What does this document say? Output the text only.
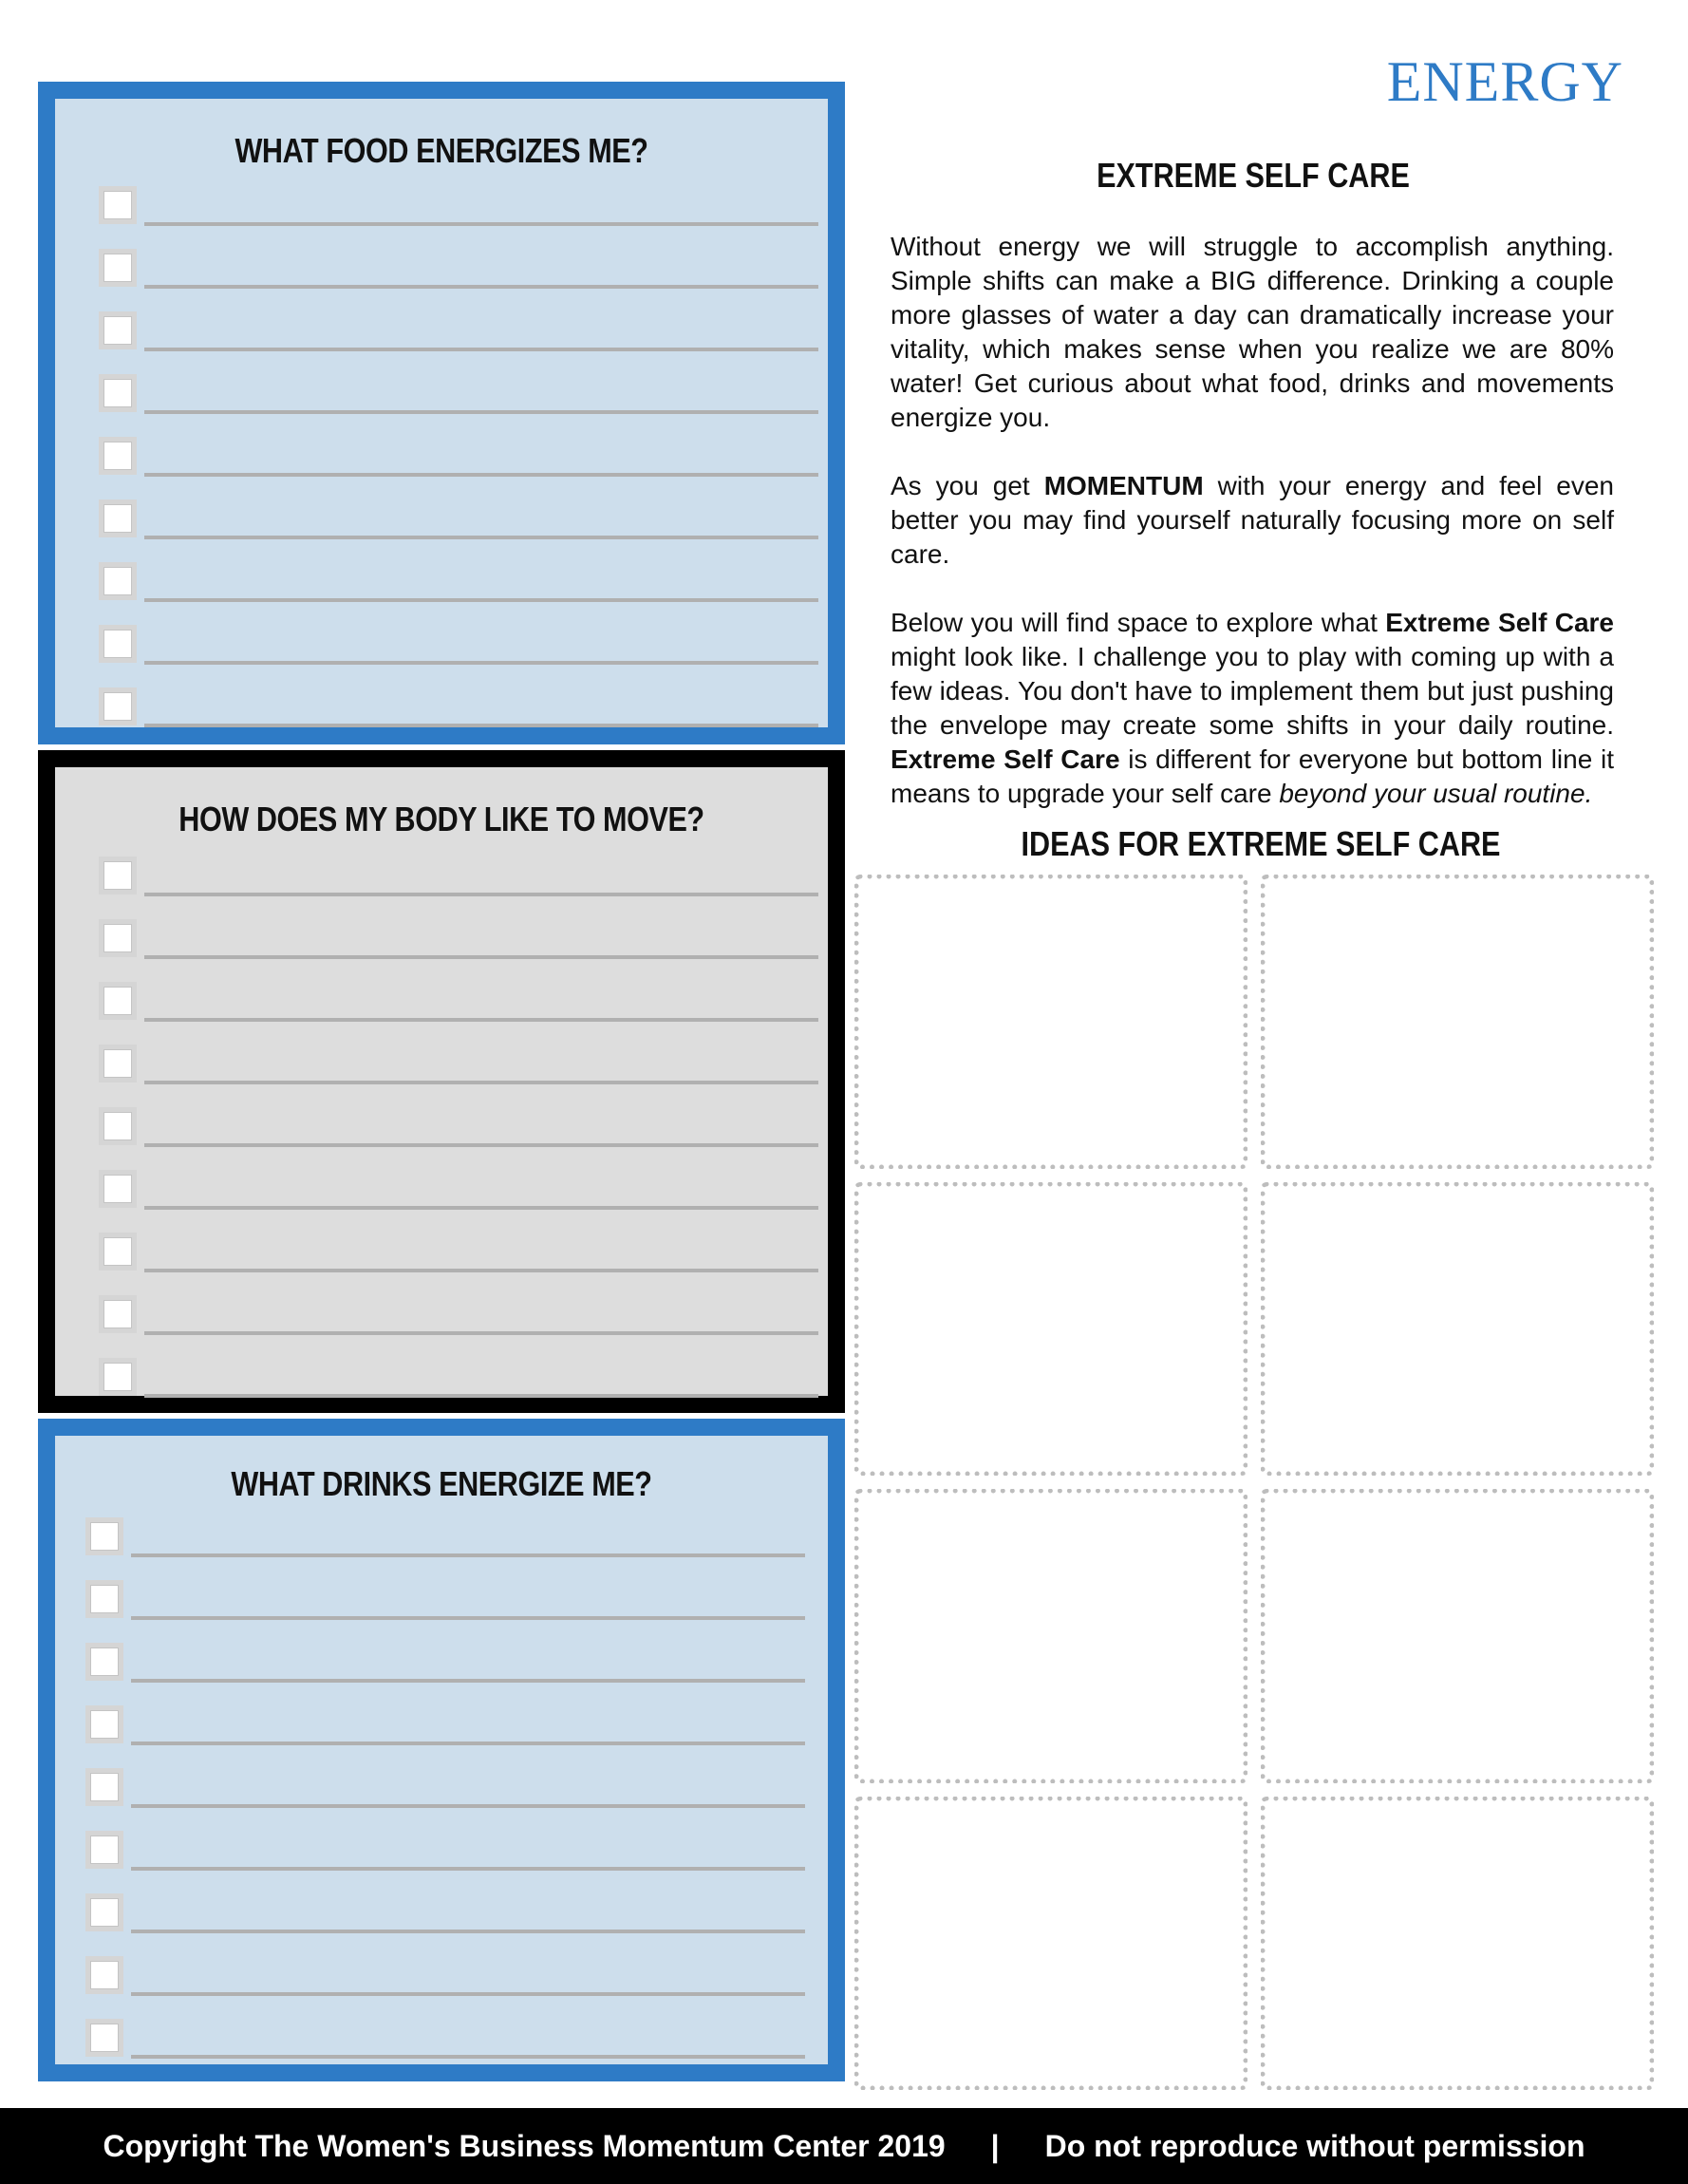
ENERGY
WHAT FOOD ENERGIZES ME?
HOW DOES MY BODY LIKE TO MOVE?
WHAT DRINKS ENERGIZE ME?
EXTREME SELF CARE

Without energy we will struggle to accomplish anything. Simple shifts can make a BIG difference. Drinking a couple more glasses of water a day can dramatically increase your vitality, which makes sense when you realize we are 80% water! Get curious about what food, drinks and movements energize you.

As you get MOMENTUM with your energy and feel even better you may find yourself naturally focusing more on self care.

Below you will find space to explore what Extreme Self Care might look like. I challenge you to play with coming up with a few ideas. You don't have to implement them but just pushing the envelope may create some shifts in your daily routine. Extreme Self Care is different for everyone but bottom line it means to upgrade your self care beyond your usual routine.

IDEAS FOR EXTREME SELF CARE
Copyright The Women's Business Momentum Center 2019 | Do not reproduce without permission
